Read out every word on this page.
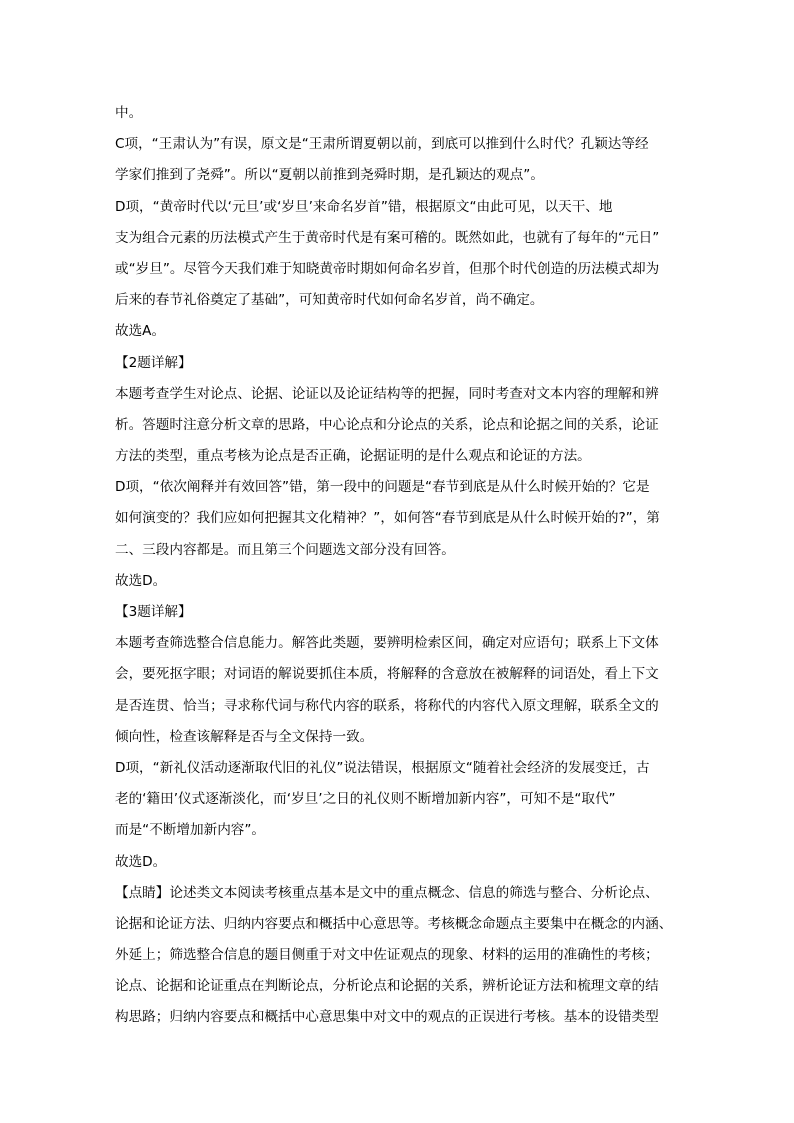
中。
C项，“王肃认为”有误，原文是“王肃所谓夏朝以前，到底可以推到什么时代？孔颖达等经
学家们推到了尧舜”。所以“夏朝以前推到尧舜时期，是孔颖达的观点”。
D项，“黄帝时代以‘元旦’或‘岁旦’来命名岁首”错，根据原文“由此可见，以天干、地
支为组合元素的历法模式产生于黄帝时代是有案可稽的。既然如此，也就有了每年的“元日”
或“岁旦”。尽管今天我们难于知晓黄帝时期如何命名岁首，但那个时代创造的历法模式却为
后来的春节礼俗奠定了基础”，可知黄帝时代如何命名岁首，尚不确定。
故选A。
【2题详解】
本题考查学生对论点、论据、论证以及论证结构等的把握，同时考查对文本内容的理解和辨
析。答题时注意分析文章的思路，中心论点和分论点的关系，论点和论据之间的关系，论证
方法的类型，重点考核为论点是否正确，论据证明的是什么观点和论证的方法。
D项，“依次阐释并有效回答”错，第一段中的问题是“春节到底是从什么时候开始的？它是
如何演变的？我们应如何把握其文化精神？”，如何答“春节到底是从什么时候开始的?”，第
二、三段内容都是。而且第三个问题选文部分没有回答。
故选D。
【3题详解】
本题考查筛选整合信息能力。解答此类题，要辨明检索区间，确定对应语句；联系上下文体
会，要死抠字眼；对词语的解说要抓住本质，将解释的含意放在被解释的词语处，看上下文
是否连贯、恰当；寻求称代词与称代内容的联系，将称代的内容代入原文理解，联系全文的
倾向性，检查该解释是否与全文保持一致。
D项，“新礼仪活动逐渐取代旧的礼仪”说法错误，根据原文“随着社会经济的发展变迁，古
老的‘籍田’仪式逐渐淡化，而‘岁旦’之日的礼仪则不断增加新内容”，可知不是“取代”
而是“不断增加新内容”。
故选D。
【点睛】论述类文本阅读考核重点基本是文中的重点概念、信息的筛选与整合、分析论点、
论据和论证方法、归纳内容要点和概括中心意思等。考核概念命题点主要集中在概念的内涵、
外延上；筛选整合信息的题目侧重于对文中佐证观点的现象、材料的运用的准确性的考核；
论点、论据和论证重点在判断论点，分析论点和论据的关系，辨析论证方法和梳理文章的结
构思路；归纳内容要点和概括中心意思集中对文中的观点的正误进行考核。基本的设错类型
